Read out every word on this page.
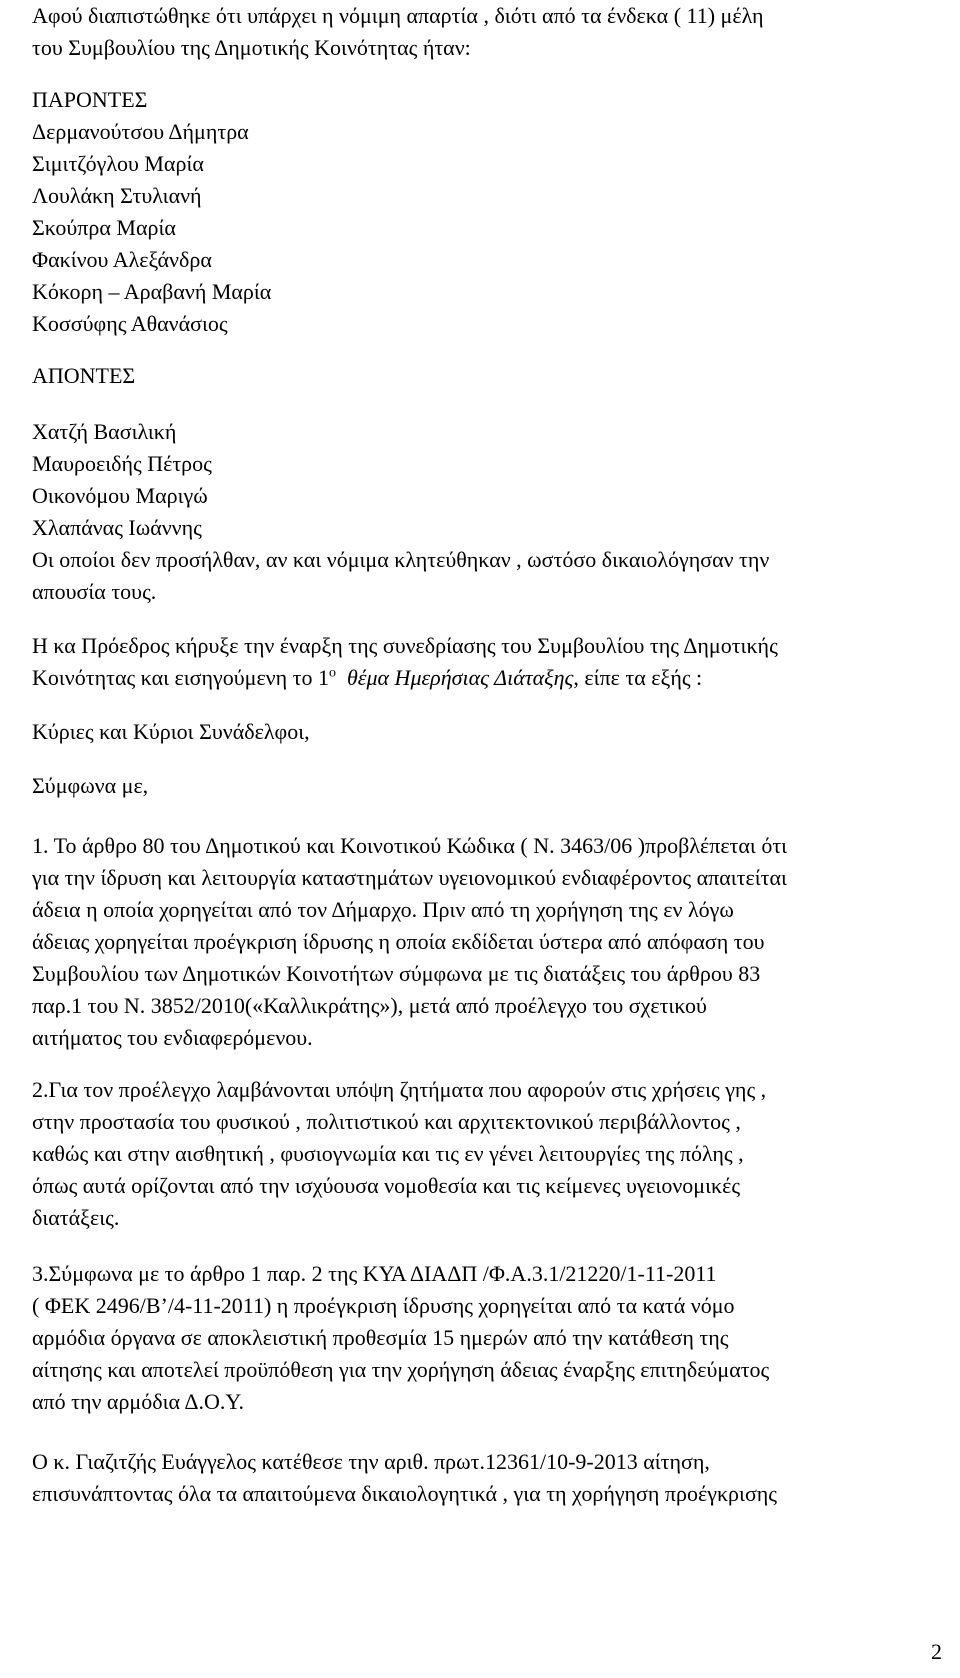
Αφού διαπιστώθηκε ότι υπάρχει η νόμιμη απαρτία , διότι από τα ένδεκα ( 11) μέλη
του Συμβουλίου της Δημοτικής Κοινότητας ήταν:
ΠΑΡΟΝΤΕΣ
Δερμανούτσου Δήμητρα
Σιμιτζόγλου Μαρία
Λουλάκη Στυλιανή
Σκούπρα Μαρία
Φακίνου Αλεξάνδρα
Κόκορη – Αραβανή Μαρία
Κοσσύφης Αθανάσιος
ΑΠΟΝΤΕΣ
Χατζή Βασιλική
Μαυροειδής Πέτρος
Οικονόμου Μαριγώ
Χλαπάνας Ιωάννης
Οι οποίοι δεν προσήλθαν, αν και νόμιμα κλητεύθηκαν , ωστόσο δικαιολόγησαν την
απουσία τους.
Η κα Πρόεδρος κήρυξε την έναρξη της συνεδρίασης του Συμβουλίου της Δημοτικής
Κοινότητας και εισηγούμενη το $1^o$ θέμα Ημερήσιας Διάταξης, είπε τα εξής :
Κύριες και Κύριοι Συνάδελφοι,
Σύμφωνα με,
1. Το άρθρο 80 του Δημοτικού και Κοινοτικού Κώδικα ( Ν. 3463/06 )προβλέπεται ότι
για την ίδρυση και λειτουργία καταστημάτων υγειονομικού ενδιαφέροντος απαιτείται
άδεια η οποία χορηγείται από τον Δήμαρχο. Πριν από τη χορήγηση της εν λόγω
άδειας χορηγείται προέγκριση ίδρυσης η οποία εκδίδεται ύστερα από απόφαση του
Συμβουλίου των Δημοτικών Κοινοτήτων σύμφωνα με τις διατάξεις του άρθρου 83
παρ.1 του Ν. 3852/2010(«Καλλικράτης»), μετά από προέλεγχο του σχετικού
αιτήματος του ενδιαφερόμενου.
2.Για τον προέλεγχο λαμβάνονται υπόψη ζητήματα που αφορούν στις χρήσεις γης ,
στην προστασία του φυσικού , πολιτιστικού και αρχιτεκτονικού περιβάλλοντος ,
καθώς και στην αισθητική , φυσιογνωμία και τις εν γένει λειτουργίες της πόλης ,
όπως αυτά ορίζονται από την ισχύουσα νομοθεσία και τις κείμενες υγειονομικές
διατάξεις.
3.Σύμφωνα με το άρθρο 1 παρ. 2 της ΚΥΑ ΔΙΑΔΠ /Φ.Α.3.1/21220/1-11-2011
( ΦΕΚ 2496/Β’/4-11-2011) η προέγκριση ίδρυσης χορηγείται από τα κατά νόμο
αρμόδια όργανα σε αποκλειστική προθεσμία 15 ημερών από την κατάθεση της
αίτησης και αποτελεί προϋπόθεση για την χορήγηση άδειας έναρξης επιτηδεύματος
από την αρμόδια Δ.Ο.Υ.
Ο κ. Γιαζιτζής Ευάγγελος κατέθεσε την αριθ. πρωτ.12361/10-9-2013 αίτηση,
επισυνάπτοντας όλα τα απαιτούμενα δικαιολογητικά , για τη χορήγηση προέγκρισης
2
